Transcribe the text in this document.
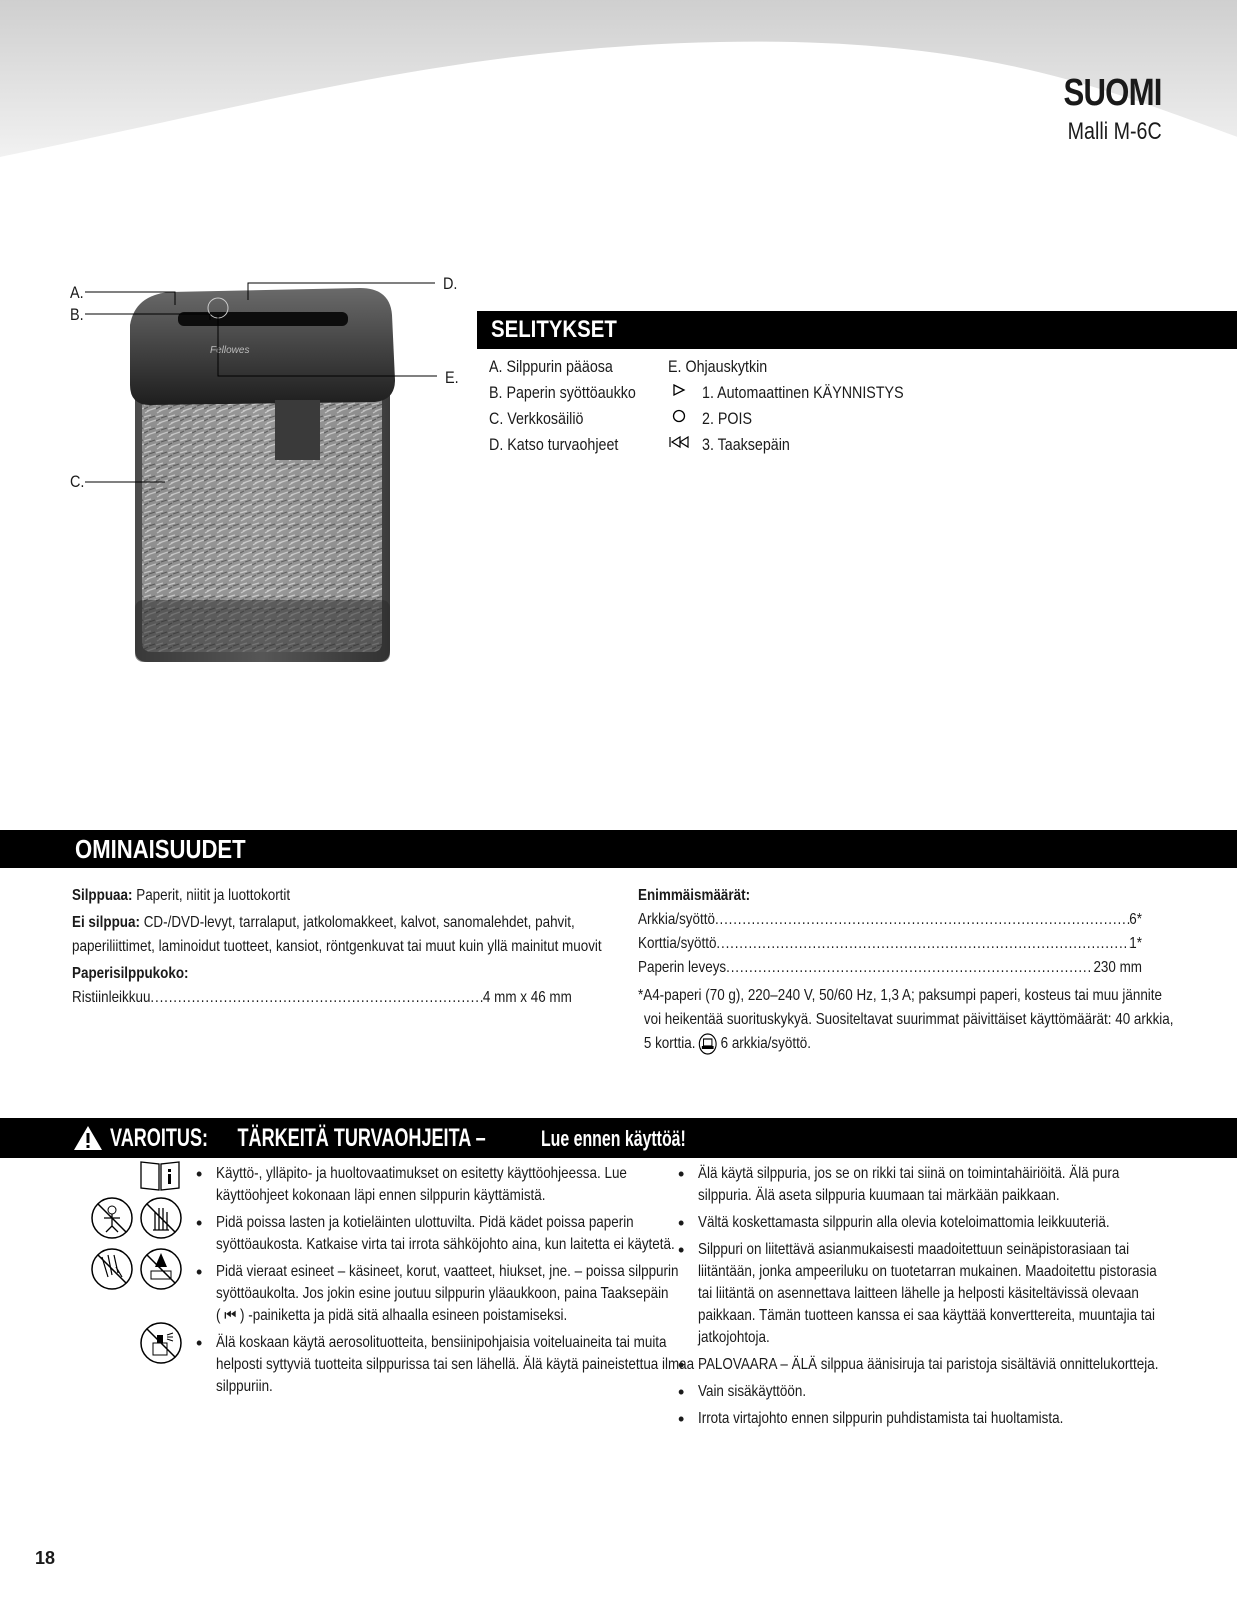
SUOMI
Malli M-6C
Fellowes
A.
B.
D.
E.
C.
SELITYKSET
A. Silppurin pääosa
B. Paperin syöttöaukko
C. Verkkosäiliö
D. Katso turvaohjeet
E. Ohjauskytkin
1. Automaattinen KÄYNNISTYS
2. POIS
3. Taaksepäin
OMINAISUUDET
Silppuaa: Paperit, niitit ja luottokortit
Ei silppua: CD-/DVD-levyt, tarralaput, jatkolomakkeet, kalvot, sanomalehdet, pahvit,
paperiliittimet, laminoidut tuotteet, kansiot, röntgenkuvat tai muut kuin yllä mainitut muovit
Paperisilppukoko:
Ristiinleikkuu .....	4 mm x 46 mm
Enimmäismäärät:
Arkkia/syöttö .....	6*
Korttia/syöttö .....	1*
Paperin leveys .....	230 mm
*A4-paperi (70 g), 220–240 V, 50/60 Hz, 1,3 A; paksumpi paperi, kosteus tai muu jännite
voi heikentää suorituskykyä. Suositeltavat suurimmat päivittäiset käyttömäärät: 40 arkkia,
5 korttia. 6 arkkia/syöttö.
VAROITUS: TÄRKEITÄ TURVAOHJEITA –	Lue ennen käyttöä!
• Käyttö-, ylläpito- ja huoltovaatimukset on esitetty käyttöohjeessa. Lue
käyttöohjeet kokonaan läpi ennen silppurin käyttämistä.
• Pidä poissa lasten ja kotieläinten ulottuvilta. Pidä kädet poissa paperin
syöttöaukosta. Katkaise virta tai irrota sähköjohto aina, kun laitetta ei käytetä.
• Pidä vieraat esineet – käsineet, korut, vaatteet, hiukset, jne. – poissa silppurin
syöttöaukolta. Jos jokin esine joutuu silppurin yläaukkoon, paina Taaksepäin
( ⏮ ) -painiketta ja pidä sitä alhaalla esineen poistamiseksi.
• Älä koskaan käytä aerosolituotteita, bensiinipohjaisia voiteluaineita tai muita
helposti syttyviä tuotteita silppurissa tai sen lähellä. Älä käytä paineistettua ilmaa
silppuriin.
• Älä käytä silppuria, jos se on rikki tai siinä on toimintahäiriöitä. Älä pura
silppuria. Älä aseta silppuria kuumaan tai märkään paikkaan.
• Vältä koskettamasta silppurin alla olevia koteloimattomia leikkuuteriä.
• Silppuri on liitettävä asianmukaisesti maadoitettuun seinäpistorasiaan tai
liitäntään, jonka ampeeriluku on tuotetarran mukainen. Maadoitettu pistorasia
tai liitäntä on asennettava laitteen lähelle ja helposti käsiteltävissä olevaan
paikkaan. Tämän tuotteen kanssa ei saa käyttää konverttereita, muuntajia tai
jatkojohtoja.
• PALOVAARA – ÄLÄ silppua äänisiruja tai paristoja sisältäviä onnittelukortteja.
• Vain sisäkäyttöön.
• Irrota virtajohto ennen silppurin puhdistamista tai huoltamista.
18
